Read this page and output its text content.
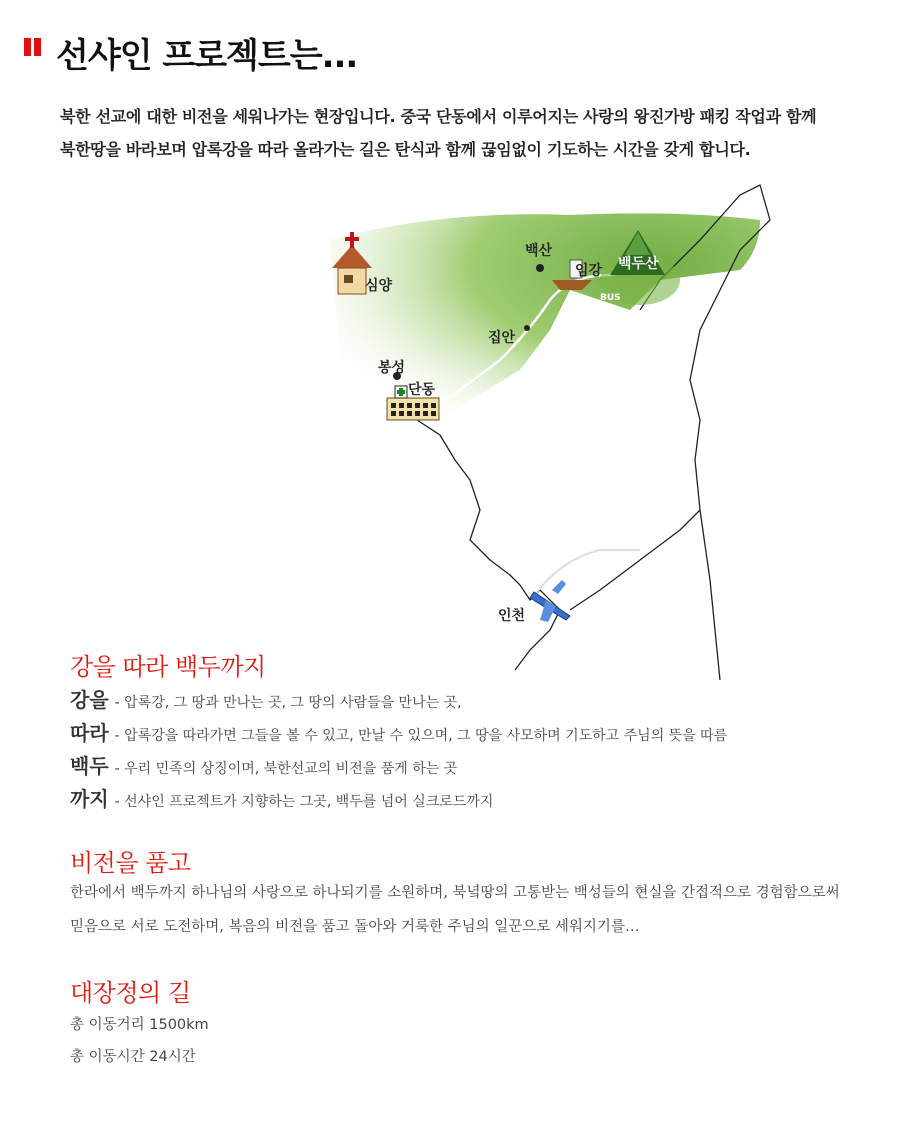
선샤인 프로젝트는...

북한 선교에 대한 비전을 세워나가는 현장입니다. 중국 단동에서 이루어지는 사랑의 왕진가방 패킹 작업과 함께

북한땅을 바라보며 압록강을 따라 올라가는 길은 탄식과 함께 끊임없이 기도하는 시간을 갖게 합니다.

심양
백산
임강
BUS
백두산
집안
봉성
단동
인천
강을 따라 백두까지
강을 - 압록강, 그 땅과 만나는 곳, 그 땅의 사람들을 만나는 곳,
따라 - 압록강을 따라가면 그들을 볼 수 있고, 만날 수 있으며, 그 땅을 사모하며 기도하고 주님의 뜻을 따름
백두 - 우리 민족의 상징이며, 북한선교의 비전을 품게 하는 곳
까지 - 선샤인 프로젝트가 지향하는 그곳, 백두를 넘어 실크로드까지
비전을 품고

한라에서 백두까지 하나님의 사랑으로 하나되기를 소원하며, 북녘땅의 고통받는 백성들의 현실을 간접적으로 경험함으로써

믿음으로 서로 도전하며, 복음의 비전을 품고 돌아와 거룩한 주님의 일꾼으로 세워지기를…

대장정의 길
총 이동거리 1500km
총 이동시간 24시간
